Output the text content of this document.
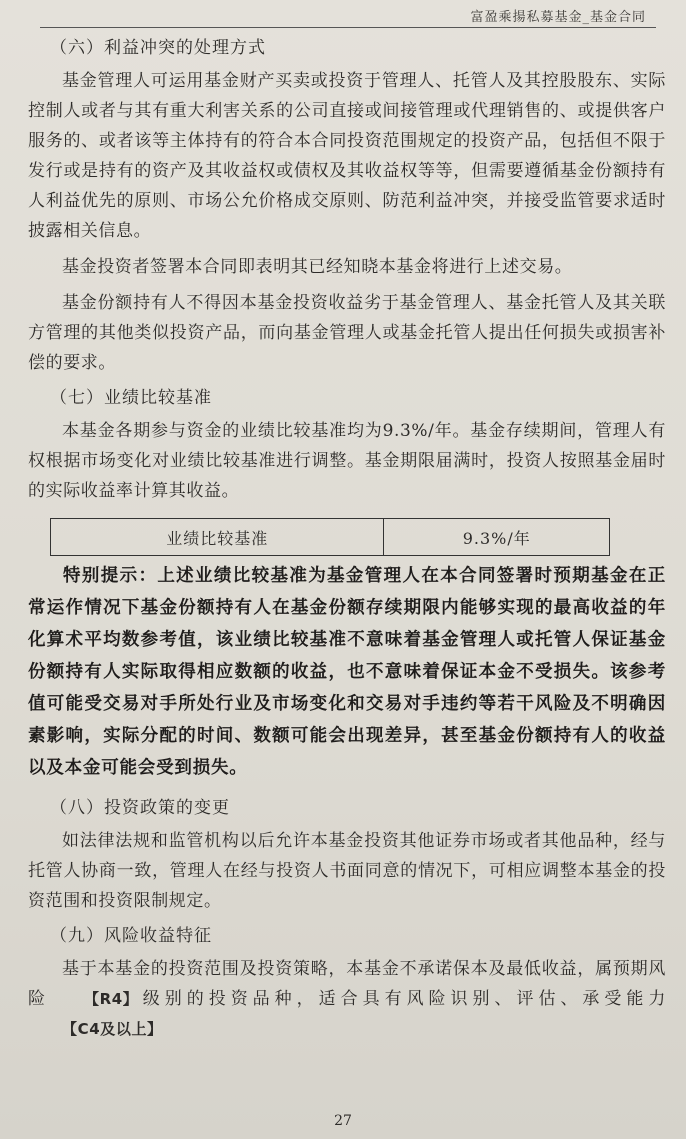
富盈乘揚私募基金_基金合同
（六）利益冲突的处理方式

基金管理人可运用基金财产买卖或投资于管理人、托管人及其控股股东、实际控制人或者与其有重大利害关系的公司直接或间接管理或代理销售的、或提供客户服务的、或者该等主体持有的符合本合同投资范围规定的投资产品，包括但不限于发行或是持有的资产及其收益权或债权及其收益权等等，但需要遵循基金份额持有人利益优先的原则、市场公允价格成交原则、防范利益冲突，并接受监管要求适时披露相关信息。

基金投资者签署本合同即表明其已经知晓本基金将进行上述交易。

基金份额持有人不得因本基金投资收益劣于基金管理人、基金托管人及其关联方管理的其他类似投资产品，而向基金管理人或基金托管人提出任何损失或损害补偿的要求。

（七）业绩比较基准

本基金各期参与资金的业绩比较基准均为9.3%/年。基金存续期间，管理人有权根据市场变化对业绩比较基准进行调整。基金期限届满时，投资人按照基金届时的实际收益率计算其收益。

业绩比较基准	9.3%/年

特别提示：上述业绩比较基准为基金管理人在本合同签署时预期基金在正常运作情况下基金份额持有人在基金份额存续期限内能够实现的最高收益的年化算术平均数参考值，该业绩比较基准不意味着基金管理人或托管人保证基金份额持有人实际取得相应数额的收益，也不意味着保证本金不受损失。该参考值可能受交易对手所处行业及市场变化和交易对手违约等若干风险及不明确因素影响，实际分配的时间、数额可能会出现差异，甚至基金份额持有人的收益以及本金可能会受到损失。

（八）投资政策的变更

如法律法规和监管机构以后允许本基金投资其他证券市场或者其他品种，经与托管人协商一致，管理人在经与投资人书面同意的情况下，可相应调整本基金的投资范围和投资限制规定。

（九）风险收益特征

基于本基金的投资范围及投资策略，本基金不承诺保本及最低收益，属预期风险 【R4】级别的投资品种，适合具有风险识别、评估、承受能力【C4及以上】

27
